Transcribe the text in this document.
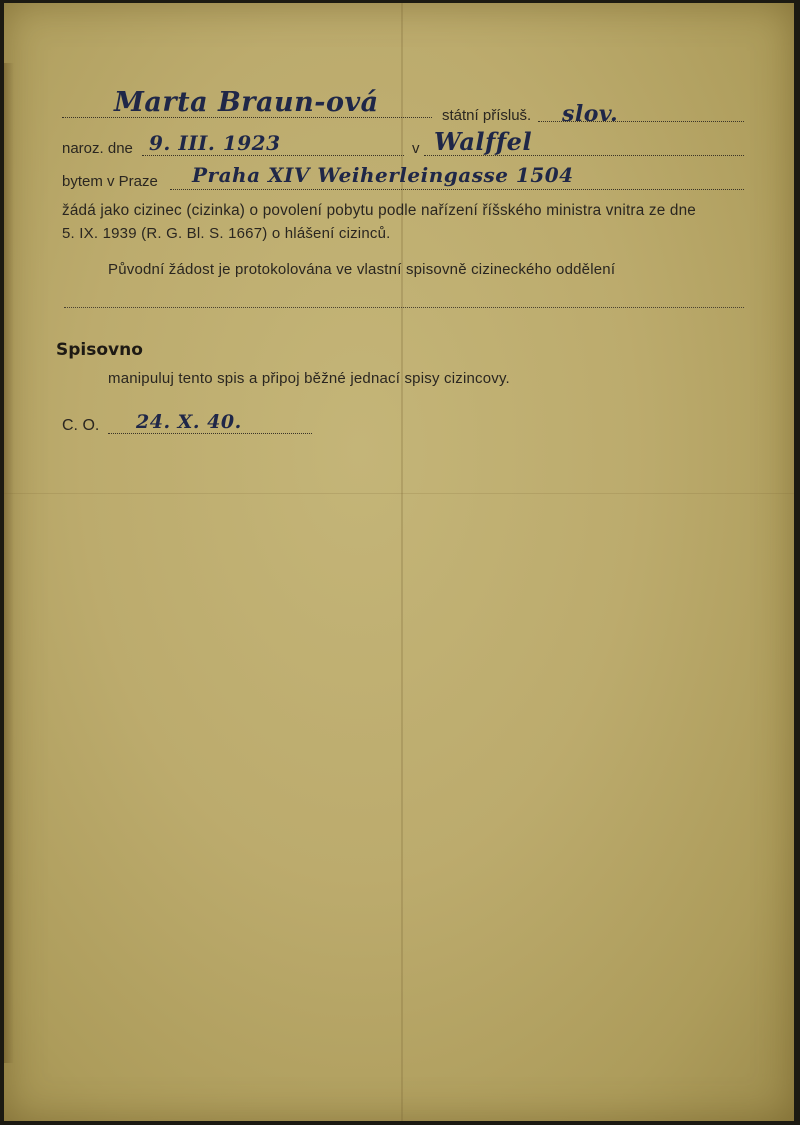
Marta Braun-ová	státní přísluš. slov.
naroz. dne 9. III. 1923	v Walffel
bytem v Praze Praha XIV Weiherleingasse 1504
žádá jako cizinec (cizinka) o povolení pobytu podle nařízení říšského ministra vnitra ze dne
5. IX. 1939 (R. G. Bl. S. 1667) o hlášení cizinců.
Původní žádost je protokolována ve vlastní spisovně cizineckého oddělení
Spisovno
manipuluj tento spis a připoj běžné jednací spisy cizincovy.
C. O. 24. X. 40.
